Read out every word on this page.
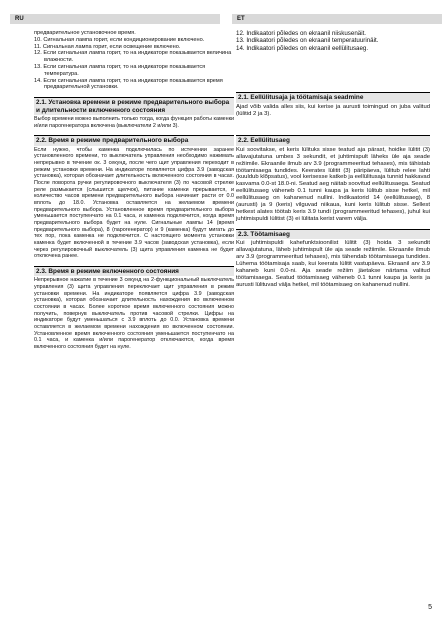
RU	ET
предварительное установочное время.
10. Сигнальная лампа горит, если кондиционирование включено.
11. Сигнальная лампа горит, если освещение включено.
12. Если сигнальная лампа горит, то на индикаторе показывается величина влажности.
13. Если сигнальная лампа горит, то на индикаторе показывается температура.
14. Если сигнальная лампа горит, то на индикаторе показывается время предварительной установки.
2.1. Установка времени в режиме предварительного выбора и длительности включенного состояния
Выбор времени можно выполнить только тогда, когда функция работы каменки и/или парогенератора включена (выключатели 2 и/или 3).
2.2. Время в режиме предварительного выбора
Если нужно, чтобы каменка подключилась по истечении заранее установленного времени, то выключатель управления необходимо нажимать непрерывно в течение ок. 3 секунд, после чего щит управления переходит в режим установки времени. На индикаторе появляется цифра 3.9 (заводская установка), которая обозначает длительность включенного состояния в часах. После поворота ручки регулировочного выключателя (3) по часовой стрелке реле размыкается (слышится щелчок), питание каменки прерывается, и количество часов времени предварительного выбора начинает расти от 0.0 вплоть до 18.0. Установка оставляется на желаемом времени предварительного выбора. Установленное время предварительного выбора уменьшается поступенчато на 0.1 часа, и каменка подключится, когда время предварительного выбора будет на нуле. Сигнальные лампы 14 (время предварительного выбора), 8 (парогенератор) и 9 (каменка) будут мигать до тех пор, пока каменка не подключится. С настоящего момента установки каменка будет включенной в течение 3.9 часов (заводская установка), если через регулировочный выключатель (3) щита управления каменка не будет отключена ранее.
2.3. Время в режиме включенного состояния
Непрерывное нажатие в течение 3 секунд на 2-функциональный выключатель управления (3) щита управления переключает щит управления в режим установки времени. На индикаторе появляется цифра 3.9 (заводская установка), которая обозначает длительность нахождения во включенном состоянии в часах. Более короткое время включенного состояния можно получить, повернув выключатель против часовой стрелки. Цифры на индикаторе будут уменьшаться с 3.9 вплоть до 0.0. Установка времени оставляется в желаемом времени нахождения во включенном состоянии. Установленное время включенного состояния уменьшается поступенчато на 0.1 часа, и каменка и/или парогенератор отключаются, когда время включенного состояния будет на нуле.
12. Indikaatori põledes on ekraanil niiskusenäit.
13. Indikaatori põledes on ekraanil temperatuurinäit.
14. Indikaatori põledes on ekraanil eellülitusaeg.
2.1. Eellülitusaja ja töötamisaja seadmine
Ajad võib valida alles siis, kui kerise ja aurusti toimingud on juba valitud (lülitid 2 ja 3).
2.2. Eellülitusaeg
Kui soovitakse, et keris lülituks sisse teatud aja pärast, hoidke lülitit (3) allavajutatuna umbes 3 sekundit, et juhtimispult läheks üle aja seade režiimile. Ekraanile ilmub arv 3.9 (programmeeritud tehases), mis tähistab töötamisaega tundides. Keerates lülitit (3) päripäeva, lülitub relee lahti (kuuldub klõpsatus), vool kerisesse katkeb ja eellülitusaja tunnid hakkavad kasvama 0.0-st 18.0-ni. Seatud aeg näitab soovitud eellülitusaega. Seatud eellülitusaeg väheneb 0.1 tunni kaupa ja keris lülitub sisse hetkel, mil eellülitusaeg on kahanenud nullini. Indikaatorid 14 (eellülitusaeg), 8 (aurusti) ja 9 (keris) vilguvad niikaua, kuni keris lülitub sisse. Sellest hetkest alates töötab keris 3.9 tundi (programmeeritud tehases), juhul kui juhtimispuldi lülitist (3) ei lülitata kerist varem välja.
2.3. Töötamisaeg
Kui juhtimispuldi kahefunktsioonilist lülitit (3) hoida 3 sekundit allavajutatuna, läheb juhtimispult üle aja seade režiimile. Ekraanile ilmub arv 3.9 (programmeeritud tehases), mis tähendab töötamisaega tundides. Lühema töötamisaja saab, kui keerata lülitit vastupäeva. Ekraanil arv 3.9 kahaneb kuni 0.0-ni. Aja seade režiim jäetakse närtama valitud töötamisaega. Seatud töötamisaeg väheneb 0.1 tunni kaupa ja keris ja aurusti lülituvad välja hetkel, mil töötamisaeg on kahanenud nullini.
5
